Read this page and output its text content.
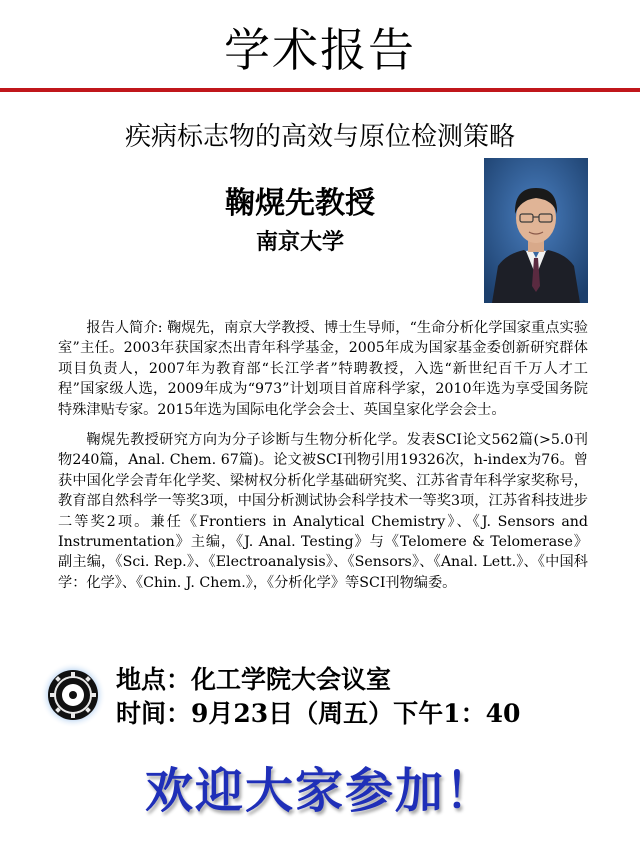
学术报告
疾病标志物的高效与原位检测策略
鞠熀先教授
南京大学

报告人简介: 鞠熀先，南京大学教授、博士生导师，“生命分析化学国家重点实验室”主任。2003年获国家杰出青年科学基金，2005年成为国家基金委创新研究群体项目负责人，2007年为教育部“长江学者”特聘教授，入选“新世纪百千万人才工程”国家级人选，2009年成为“973”计划项目首席科学家，2010年选为享受国务院特殊津贴专家。2015年选为国际电化学会会士、英国皇家化学会会士。

鞠熀先教授研究方向为分子诊断与生物分析化学。发表SCI论文562篇(>5.0刊物240篇，Anal. Chem. 67篇)。论文被SCI刊物引用19326次，h-index为76。曾获中国化学会青年化学奖、梁树权分析化学基础研究奖、江苏省青年科学家奖称号，教育部自然科学一等奖3项，中国分析测试协会科学技术一等奖3项，江苏省科技进步二等奖2项。兼任《Frontiers in Analytical Chemistry》、《J. Sensors and Instrumentation》主编，《J. Anal. Testing》与《Telomere & Telomerase》副主编，《Sci. Rep.》、《Electroanalysis》、《Sensors》、《Anal. Lett.》、《中国科学：化学》、《Chin. J. Chem.》，《分析化学》等SCI刊物编委。

地点：化工学院大会议室
时间：9月23日（周五）下午1：40
欢迎大家参加！
